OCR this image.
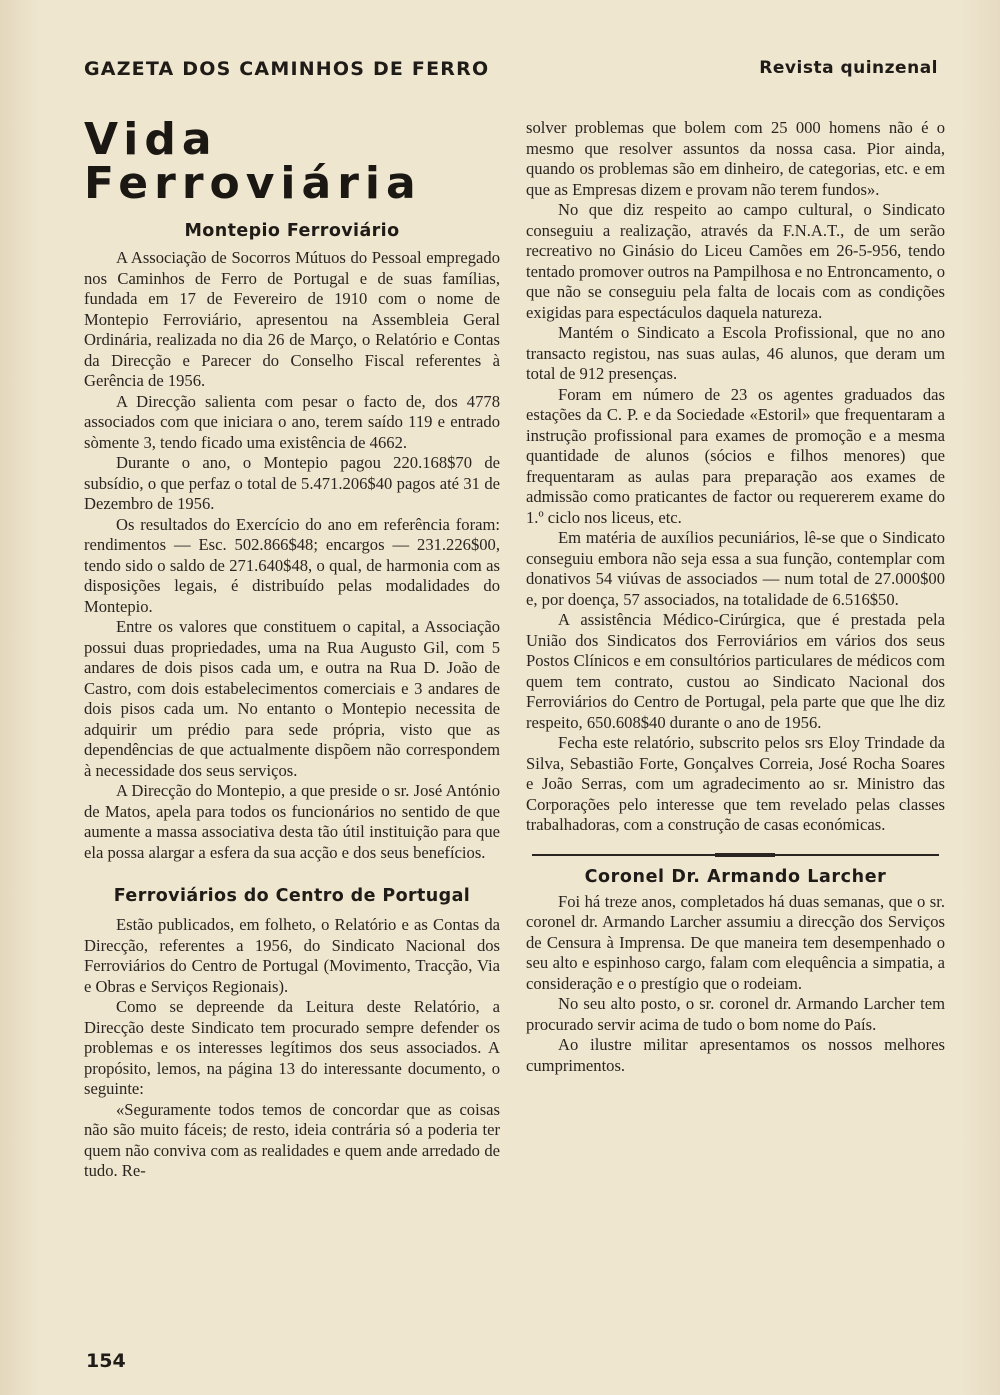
GAZETA DOS CAMINHOS DE FERRO	Revista quinzenal
Vida Ferroviária
Montepio Ferroviário

A Associação de Socorros Mútuos do Pessoal empregado nos Caminhos de Ferro de Portugal e de suas famílias, fundada em 17 de Fevereiro de 1910 com o nome de Montepio Ferroviário, apresentou na Assembleia Geral Ordinária, realizada no dia 26 de Março, o Relatório e Contas da Direcção e Parecer do Conselho Fiscal referentes à Gerência de 1956.

A Direcção salienta com pesar o facto de, dos 4778 associados com que iniciara o ano, terem saído 119 e entrado sòmente 3, tendo ficado uma existência de 4662.

Durante o ano, o Montepio pagou 220.168$70 de subsídio, o que perfaz o total de 5.471.206$40 pagos até 31 de Dezembro de 1956.

Os resultados do Exercício do ano em referência foram: rendimentos — Esc. 502.866$48; encargos — 231.226$00, tendo sido o saldo de 271.640$48, o qual, de harmonia com as disposições legais, é distribuído pelas modalidades do Montepio.

Entre os valores que constituem o capital, a Associação possui duas propriedades, uma na Rua Augusto Gil, com 5 andares de dois pisos cada um, e outra na Rua D. João de Castro, com dois estabelecimentos comerciais e 3 andares de dois pisos cada um. No entanto o Montepio necessita de adquirir um prédio para sede própria, visto que as dependências de que actualmente dispõem não correspondem à necessidade dos seus serviços.

A Direcção do Montepio, a que preside o sr. José António de Matos, apela para todos os funcionários no sentido de que aumente a massa associativa desta tão útil instituição para que ela possa alargar a esfera da sua acção e dos seus benefícios.

Ferroviários do Centro de Portugal

Estão publicados, em folheto, o Relatório e as Contas da Direcção, referentes a 1956, do Sindicato Nacional dos Ferroviários do Centro de Portugal (Movimento, Tracção, Via e Obras e Serviços Regionais).

Como se depreende da Leitura deste Relatório, a Direcção deste Sindicato tem procurado sempre defender os problemas e os interesses legítimos dos seus associados. A propósito, lemos, na página 13 do interessante documento, o seguinte:

«Seguramente todos temos de concordar que as coisas não são muito fáceis; de resto, ideia contrária só a poderia ter quem não conviva com as realidades e quem ande arredado de tudo. Re-

solver problemas que bolem com 25 000 homens não é o mesmo que resolver assuntos da nossa casa. Pior ainda, quando os problemas são em dinheiro, de categorias, etc. e em que as Empresas dizem e provam não terem fundos».

No que diz respeito ao campo cultural, o Sindicato conseguiu a realização, através da F.N.A.T., de um serão recreativo no Ginásio do Liceu Camões em 26-5-956, tendo tentado promover outros na Pampilhosa e no Entroncamento, o que não se conseguiu pela falta de locais com as condições exigidas para espectáculos daquela natureza.

Mantém o Sindicato a Escola Profissional, que no ano transacto registou, nas suas aulas, 46 alunos, que deram um total de 912 presenças.

Foram em número de 23 os agentes graduados das estações da C. P. e da Sociedade «Estoril» que frequentaram a instrução profissional para exames de promoção e a mesma quantidade de alunos (sócios e filhos menores) que frequentaram as aulas para preparação aos exames de admissão como praticantes de factor ou requererem exame do 1.º ciclo nos liceus, etc.

Em matéria de auxílios pecuniários, lê-se que o Sindicato conseguiu embora não seja essa a sua função, contemplar com donativos 54 viúvas de associados — num total de 27.000$00 e, por doença, 57 associados, na totalidade de 6.516$50.

A assistência Médico-Cirúrgica, que é prestada pela União dos Sindicatos dos Ferroviários em vários dos seus Postos Clínicos e em consultórios particulares de médicos com quem tem contrato, custou ao Sindicato Nacional dos Ferroviários do Centro de Portugal, pela parte que que lhe diz respeito, 650.608$40 durante o ano de 1956.

Fecha este relatório, subscrito pelos srs Eloy Trindade da Silva, Sebastião Forte, Gonçalves Correia, José Rocha Soares e João Serras, com um agradecimento ao sr. Ministro das Corporações pelo interesse que tem revelado pelas classes trabalhadoras, com a construção de casas económicas.

Coronel Dr. Armando Larcher

Foi há treze anos, completados há duas semanas, que o sr. coronel dr. Armando Larcher assumiu a direcção dos Serviços de Censura à Imprensa. De que maneira tem desempenhado o seu alto e espinhoso cargo, falam com elequência a simpatia, a consideração e o prestígio que o rodeiam.

No seu alto posto, o sr. coronel dr. Armando Larcher tem procurado servir acima de tudo o bom nome do País.

Ao ilustre militar apresentamos os nossos melhores cumprimentos.

154
